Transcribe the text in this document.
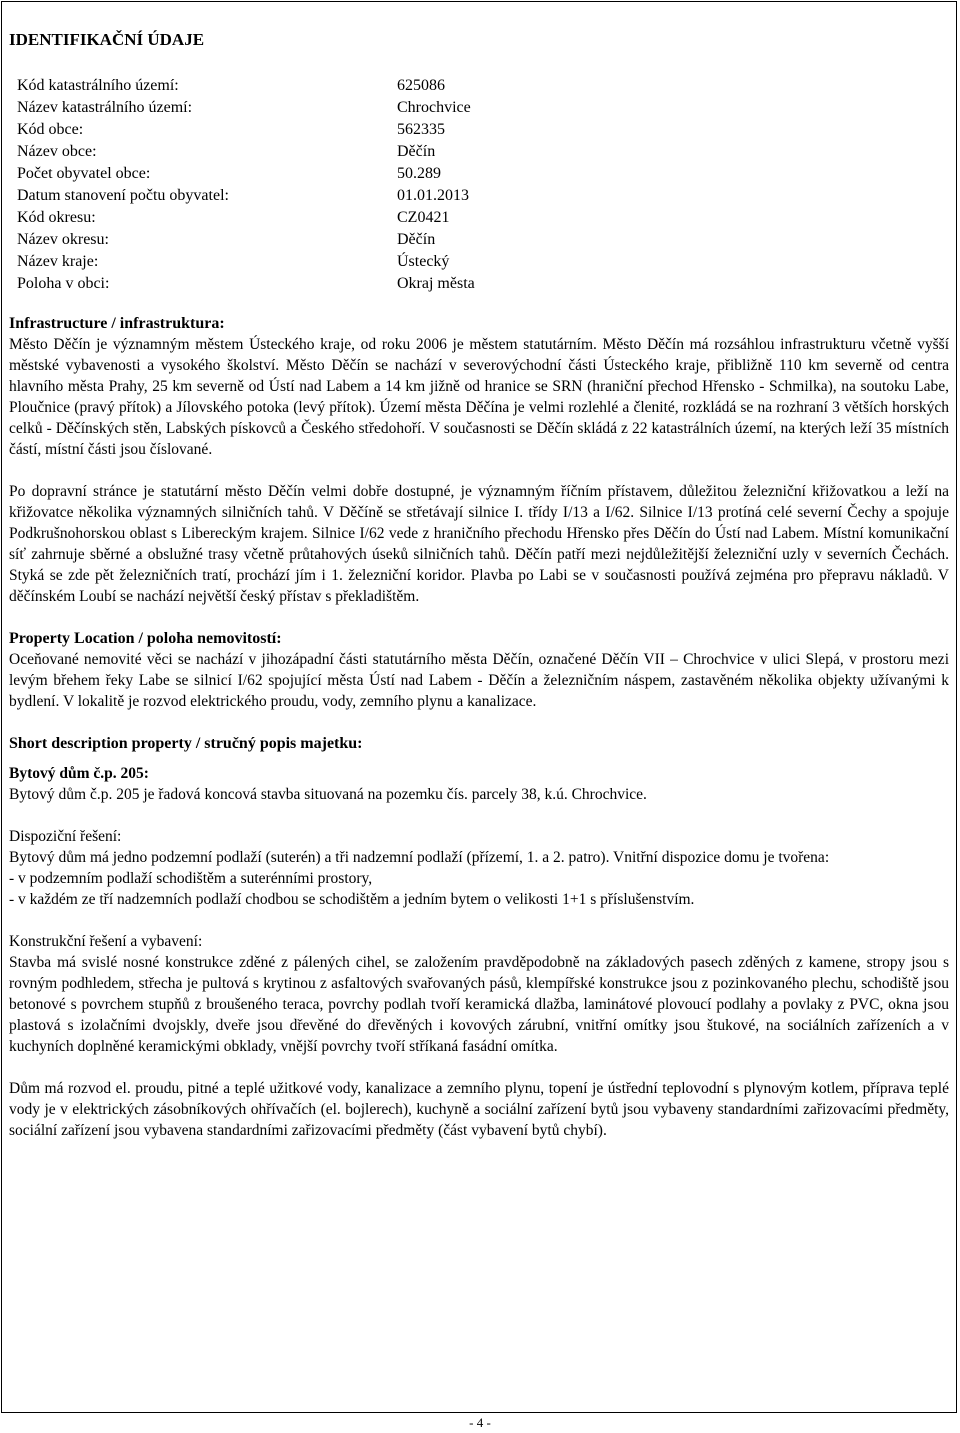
IDENTIFIKAČNÍ ÚDAJE
Kód katastrálního území:	625086
Název katastrálního území:	Chrochvice
Kód obce:	562335
Název obce:	Děčín
Počet obyvatel obce:	50.289
Datum stanovení počtu obyvatel:	01.01.2013
Kód okresu:	CZ0421
Název okresu:	Děčín
Název kraje:	Ústecký
Poloha v obci:	Okraj města
Infrastructure / infrastruktura:

Město Děčín je významným městem Ústeckého kraje, od roku 2006 je městem statutárním. Město Děčín má rozsáhlou infrastrukturu včetně vyšší městské vybavenosti a vysokého školství. Město Děčín se nachází v severovýchodní části Ústeckého kraje, přibližně 110 km severně od centra hlavního města Prahy, 25 km severně od Ústí nad Labem a 14 km jižně od hranice se SRN (hraniční přechod Hřensko - Schmilka), na soutoku Labe, Ploučnice (pravý přítok) a Jílovského potoka (levý přítok). Území města Děčína je velmi rozlehlé a členité, rozkládá se na rozhraní 3 větších horských celků - Děčínských stěn, Labských pískovců a Českého středohoří. V současnosti se Děčín skládá z 22 katastrálních území, na kterých leží 35 místních částí, místní části jsou číslované.

Po dopravní stránce je statutární město Děčín velmi dobře dostupné, je významným říčním přístavem, důležitou železniční křižovatkou a leží na křižovatce několika významných silničních tahů. V Děčíně se střetávají silnice I. třídy I/13 a I/62. Silnice I/13 protíná celé severní Čechy a spojuje Podkrušnohorskou oblast s Libereckým krajem. Silnice I/62 vede z hraničního přechodu Hřensko přes Děčín do Ústí nad Labem. Místní komunikační síť zahrnuje sběrné a obslužné trasy včetně průtahových úseků silničních tahů. Děčín patří mezi nejdůležitější železniční uzly v severních Čechách. Styká se zde pět železničních tratí, prochází jím i 1. železniční koridor. Plavba po Labi se v současnosti používá zejména pro přepravu nákladů. V děčínském Loubí se nachází největší český přístav s překladištěm.

Property Location / poloha nemovitostí:

Oceňované nemovité věci se nachází v jihozápadní části statutárního města Děčín, označené Děčín VII – Chrochvice v ulici Slepá, v prostoru mezi levým břehem řeky Labe se silnicí I/62 spojující města Ústí nad Labem - Děčín a železničním náspem, zastavěném několika objekty užívanými k bydlení. V lokalitě je rozvod elektrického proudu, vody, zemního plynu a kanalizace.

Short description property / stručný popis majetku:

Bytový dům č.p. 205:

Bytový dům č.p. 205 je řadová koncová stavba situovaná na pozemku čís. parcely 38, k.ú. Chrochvice.

Dispoziční řešení:

Bytový dům má jedno podzemní podlaží (suterén) a tři nadzemní podlaží (přízemí, 1. a 2. patro). Vnitřní dispozice domu je tvořena:

- v podzemním podlaží schodištěm a suterénními prostory,

- v každém ze tří nadzemních podlaží chodbou se schodištěm a jedním bytem o velikosti 1+1 s příslušenstvím.

Konstrukční řešení a vybavení:

Stavba má svislé nosné konstrukce zděné z pálených cihel, se založením pravděpodobně na základových pasech zděných z kamene, stropy jsou s rovným podhledem, střecha je pultová s krytinou z asfaltových svařovaných pásů, klempířské konstrukce jsou z pozinkovaného plechu, schodiště jsou betonové s povrchem stupňů z broušeného teraca, povrchy podlah tvoří keramická dlažba, laminátové plovoucí podlahy a povlaky z PVC, okna jsou plastová s izolačními dvojskly, dveře jsou dřevěné do dřevěných i kovových zárubní, vnitřní omítky jsou štukové, na sociálních zařízeních a v kuchyních doplněné keramickými obklady, vnější povrchy tvoří stříkaná fasádní omítka.

Dům má rozvod el. proudu, pitné a teplé užitkové vody, kanalizace a zemního plynu, topení je ústřední teplovodní s plynovým kotlem, příprava teplé vody je v elektrických zásobníkových ohřívačích (el. bojlerech), kuchyně a sociální zařízení bytů jsou vybaveny standardními zařizovacími předměty, sociální zařízení jsou vybavena standardními zařizovacími předměty (část vybavení bytů chybí).

- 4 -
